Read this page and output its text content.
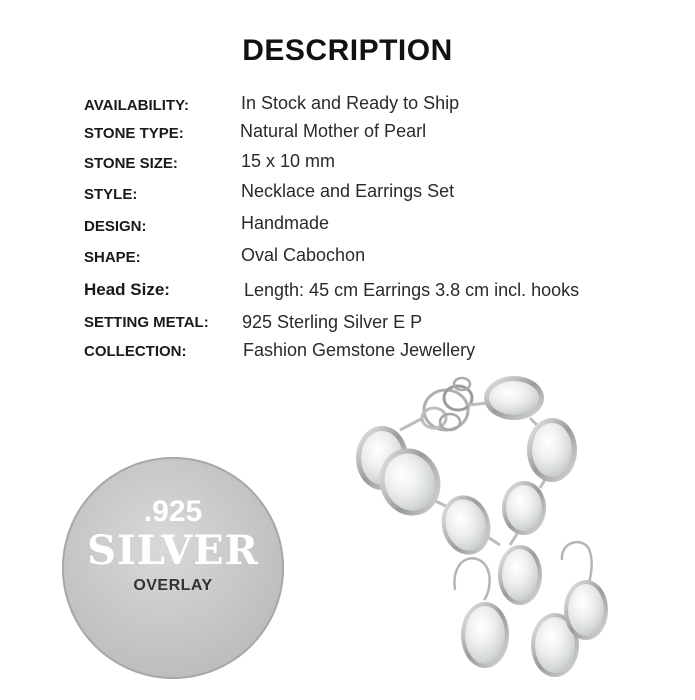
DESCRIPTION
AVAILABILITY:	In Stock and Ready to Ship
STONE TYPE:	Natural Mother of Pearl
STONE SIZE:	15 x 10 mm
STYLE:	Necklace and Earrings Set
DESIGN:	Handmade
SHAPE:	Oval Cabochon
Head Size:	Length: 45 cm Earrings 3.8 cm incl. hooks
SETTING METAL: 925 Sterling Silver E P
COLLECTION:	Fashion Gemstone Jewellery
.925
SILVER
OVERLAY
